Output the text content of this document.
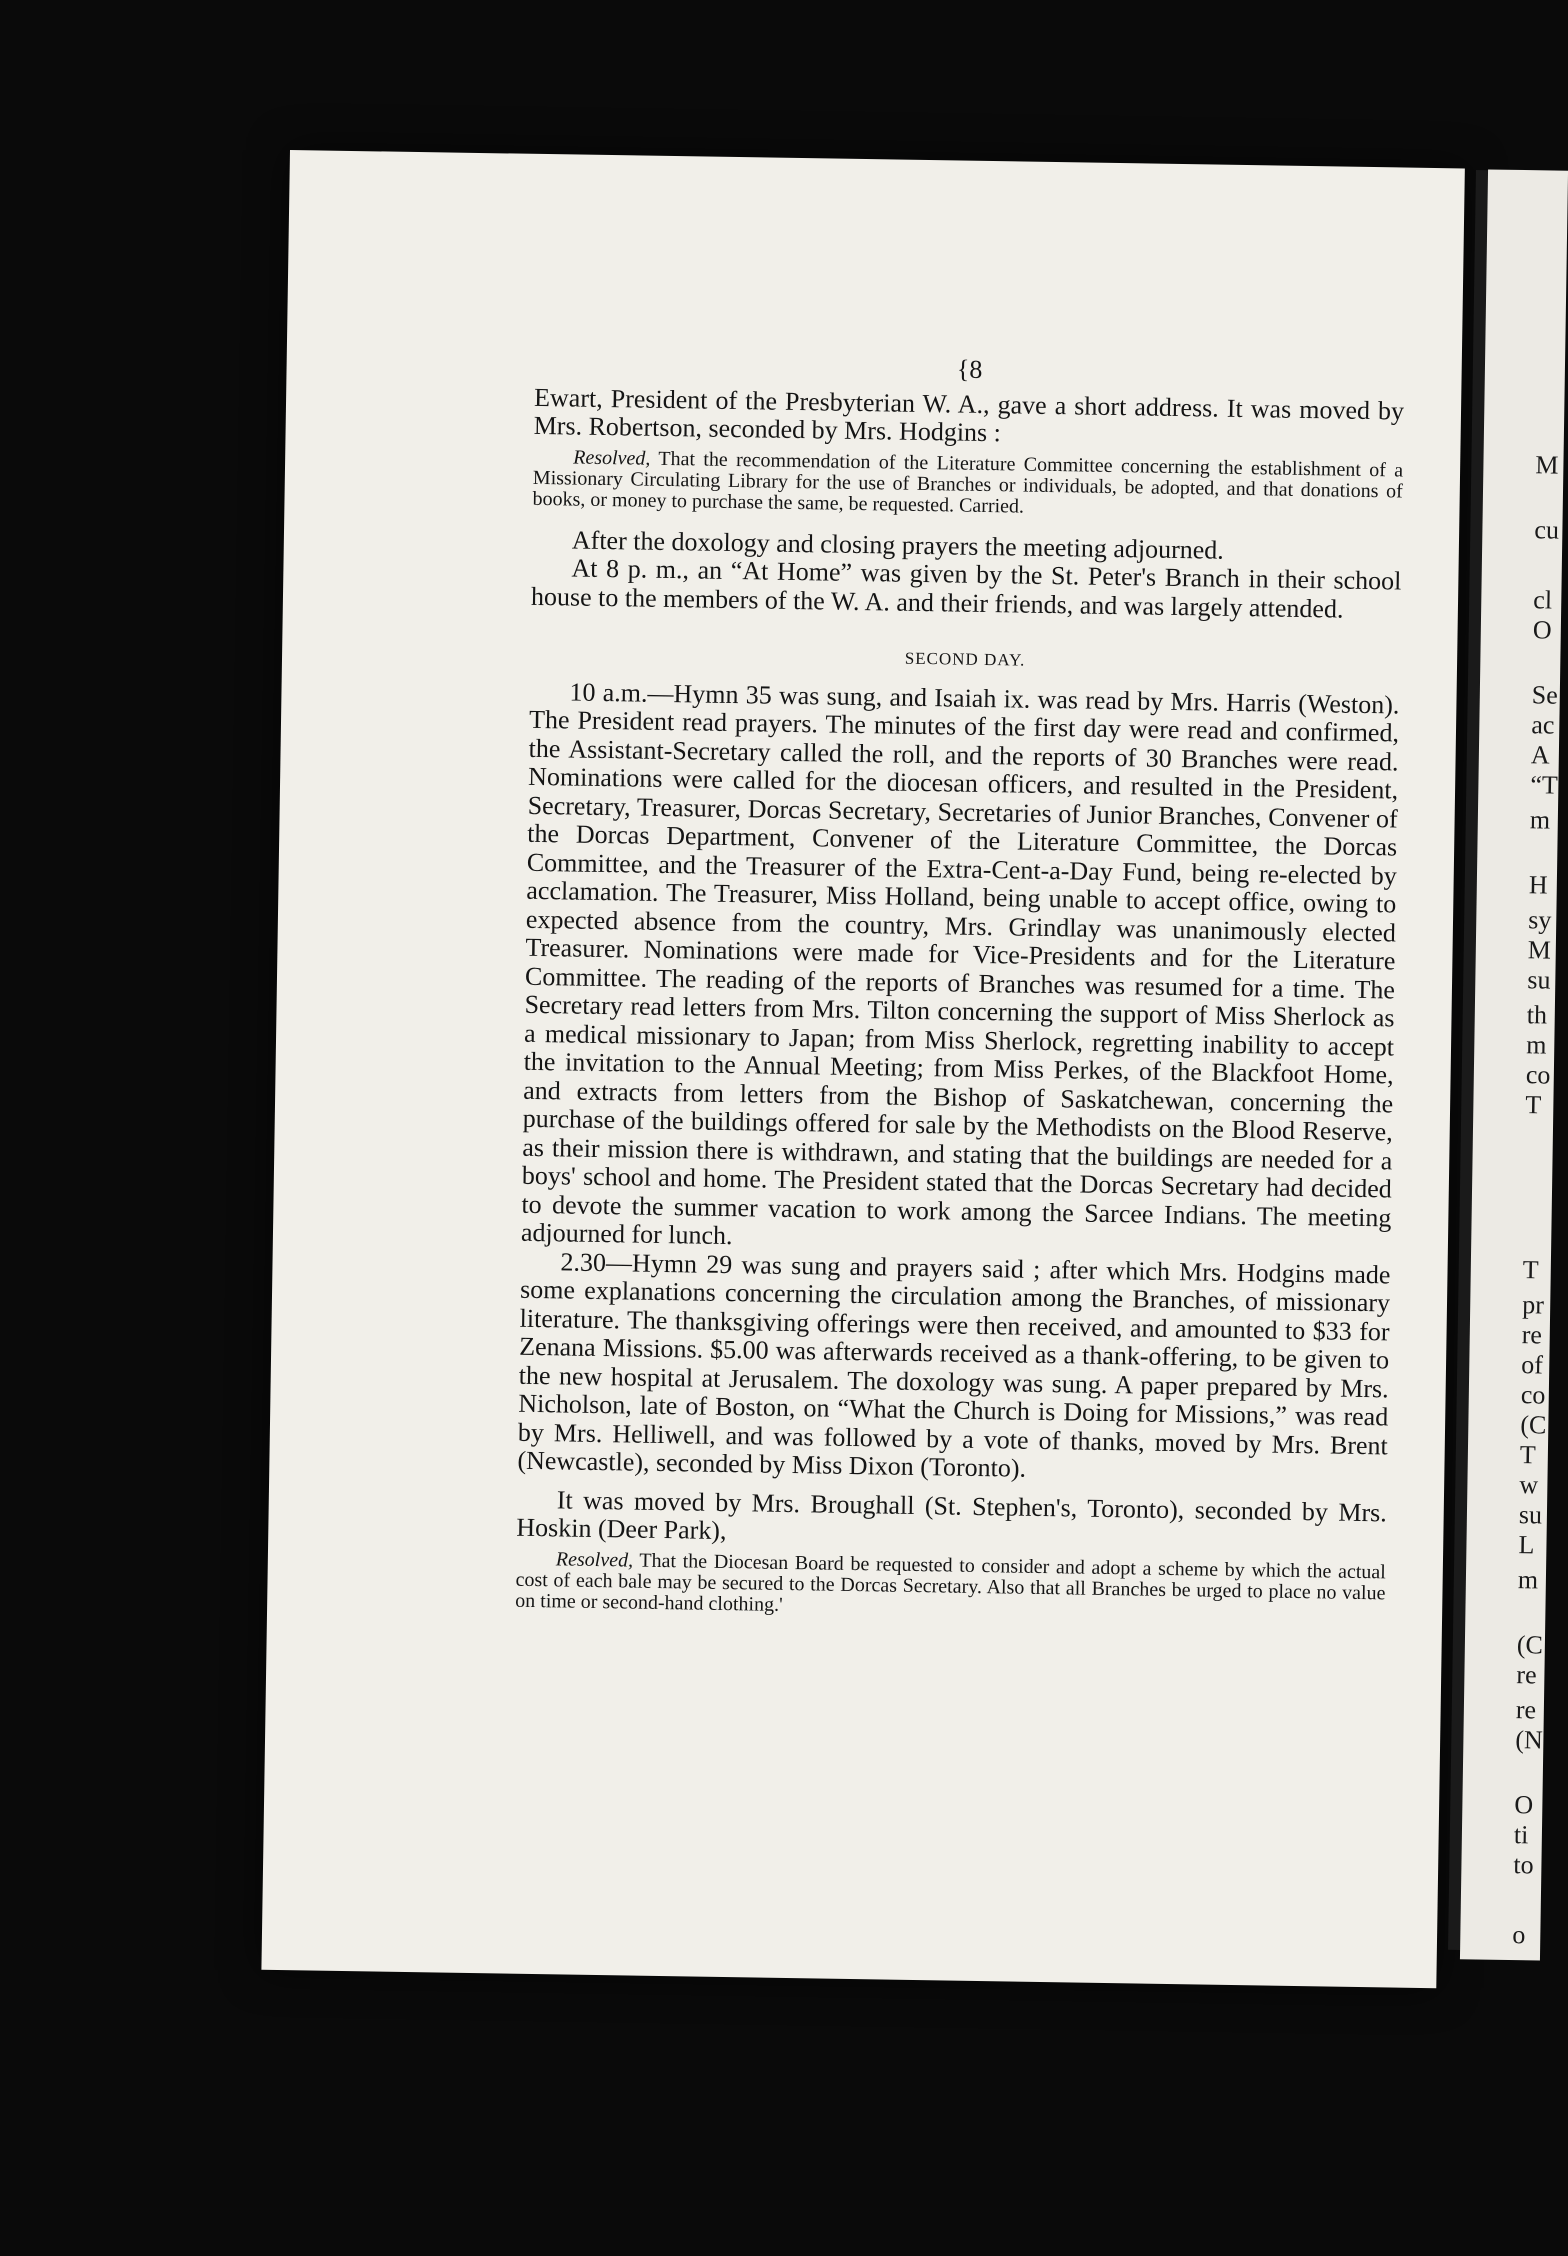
{8

Ewart, President of the Presbyterian W. A., gave a short address. It was moved by Mrs. Robertson, seconded by Mrs. Hodgins :

Resolved, That the recommendation of the Literature Committee concerning the establishment of a Missionary Circulating Library for the use of Branches or individuals, be adopted, and that donations of books, or money to purchase the same, be requested. Carried.

After the doxology and closing prayers the meeting adjourned.

At 8 p. m., an “At Home” was given by the St. Peter's Branch in their school house to the members of the W. A. and their friends, and was largely attended.

SECOND DAY.

10 a.m.—Hymn 35 was sung, and Isaiah ix. was read by Mrs. Harris (Weston). The President read prayers. The minutes of the first day were read and confirmed, the Assistant-Secretary called the roll, and the reports of 30 Branches were read. Nominations were called for the diocesan officers, and resulted in the President, Secretary, Treasurer, Dorcas Secretary, Secretaries of Junior Branches, Convener of the Dorcas Department, Convener of the Literature Committee, the Dorcas Committee, and the Treasurer of the Extra-Cent-a-Day Fund, being re-elected by acclamation. The Treasurer, Miss Holland, being unable to accept office, owing to expected absence from the country, Mrs. Grindlay was unanimously elected Treasurer. Nominations were made for Vice-Presidents and for the Literature Committee. The reading of the reports of Branches was resumed for a time. The Secretary read letters from Mrs. Tilton concerning the support of Miss Sherlock as a medical missionary to Japan; from Miss Sherlock, regretting inability to accept the invitation to the Annual Meeting; from Miss Perkes, of the Blackfoot Home, and extracts from letters from the Bishop of Saskatchewan, concerning the purchase of the buildings offered for sale by the Methodists on the Blood Reserve, as their mission there is withdrawn, and stating that the buildings are needed for a boys' school and home. The President stated that the Dorcas Secretary had decided to devote the summer vacation to work among the Sarcee Indians. The meeting adjourned for lunch.

2.30—Hymn 29 was sung and prayers said ; after which Mrs. Hodgins made some explanations concerning the circulation among the Branches, of missionary literature. The thanksgiving offerings were then received, and amounted to $33 for Zenana Missions. $5.00 was afterwards received as a thank-offering, to be given to the new hospital at Jerusalem. The doxology was sung. A paper prepared by Mrs. Nicholson, late of Boston, on “What the Church is Doing for Missions,” was read by Mrs. Helliwell, and was followed by a vote of thanks, moved by Mrs. Brent (Newcastle), seconded by Miss Dixon (Toronto).

It was moved by Mrs. Broughall (St. Stephen's, Toronto), seconded by Mrs. Hoskin (Deer Park),

Resolved, That the Diocesan Board be requested to consider and adopt a scheme by which the actual cost of each bale may be secured to the Dorcas Secretary. Also that all Branches be urged to place no value on time or second-hand clothing.'

M
cu
cl
O
Se
ac
A
“T
m
H
sy
M
su
th
m
co
T
T
pr
re
of
co
(C
T
w
su
L
m
(C
re
re
(N
O
ti
to
o
